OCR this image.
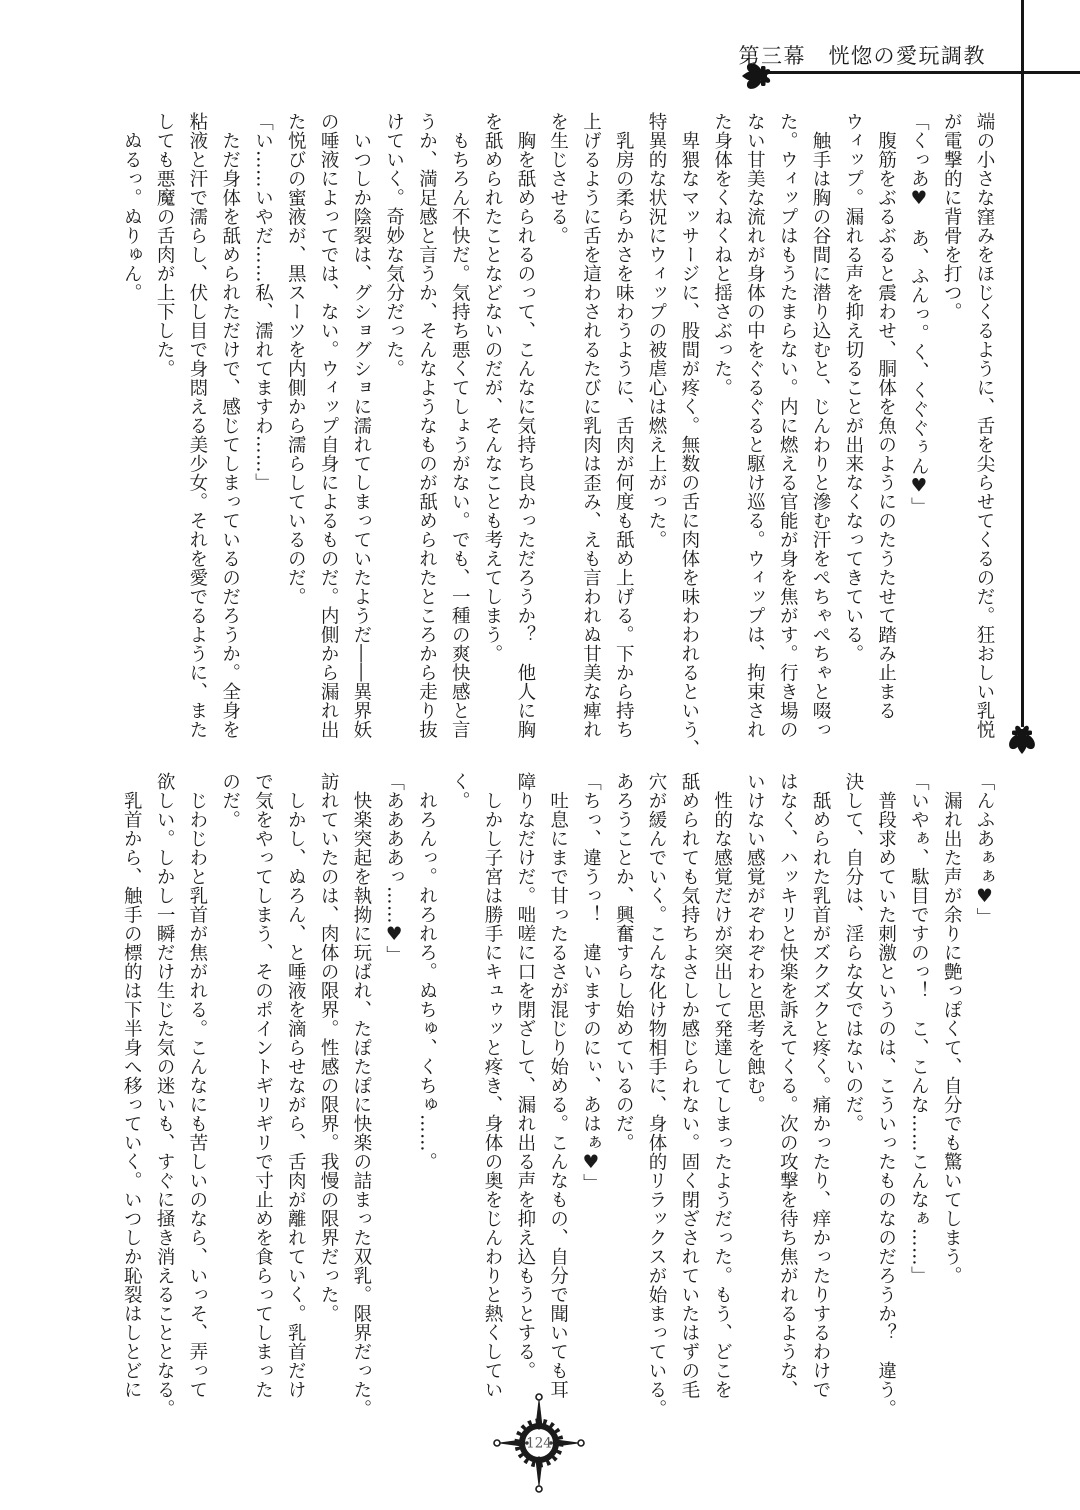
第三幕　恍惚の愛玩調教

端の小さな窪みをほじくるように、舌を尖らせてくるのだ。狂おしい乳悦

が電撃的に背骨を打つ。

「くっあ♥　あ、ふんっ。く、くぐぐぅん♥」

腹筋をぶるぶると震わせ、胴体を魚のようにのたうたせて踏み止まる

ウィップ。漏れる声を抑え切ることが出来なくなってきている。

触手は胸の谷間に潜り込むと、じんわりと滲む汗をぺちゃぺちゃと啜っ

た。ウィップはもうたまらない。内に燃える官能が身を焦がす。行き場の

ない甘美な流れが身体の中をぐるぐると駆け巡る。ウィップは、拘束され

た身体をくねくねと揺さぶった。

卑猥なマッサージに、股間が疼く。無数の舌に肉体を味わわれるという、

特異的な状況にウィップの被虐心は燃え上がった。

乳房の柔らかさを味わうように、舌肉が何度も舐め上げる。下から持ち

上げるように舌を這わされるたびに乳肉は歪み、えも言われぬ甘美な痺れ

を生じさせる。

胸を舐められるのって、こんなに気持ち良かっただろうか？　他人に胸

を舐められたことなどないのだが、そんなことも考えてしまう。

もちろん不快だ。気持ち悪くてしょうがない。でも、一種の爽快感と言

うか、満足感と言うか、そんなようなものが舐められたところから走り抜

けていく。奇妙な気分だった。

いつしか陰裂は、グショグショに濡れてしまっていたようだ――異界妖

の唾液によってでは、ない。ウィップ自身によるものだ。内側から漏れ出

た悦びの蜜液が、黒スーツを内側から濡らしているのだ。

「い……いやだ……私、濡れてますわ……」

ただ身体を舐められただけで、感じてしまっているのだろうか。全身を

粘液と汗で濡らし、伏し目で身悶える美少女。それを愛でるように、また

しても悪魔の舌肉が上下した。

ぬるっ。ぬりゅん。

「んふあぁぁ♥」

漏れ出た声が余りに艶っぽくて、自分でも驚いてしまう。

「いやぁ、駄目ですのっ！　こ、こんな……こんなぁ……」

普段求めていた刺激というのは、こういったものなのだろうか？　違う。

決して、自分は、淫らな女ではないのだ。

舐められた乳首がズクズクと疼く。痛かったり、痒かったりするわけで

はなく、ハッキリと快楽を訴えてくる。次の攻撃を待ち焦がれるような、

いけない感覚がぞわぞわと思考を蝕む。

性的な感覚だけが突出して発達してしまったようだった。もう、どこを

舐められても気持ちよさしか感じられない。固く閉ざされていたはずの毛

穴が緩んでいく。こんな化け物相手に、身体的リラックスが始まっている。

あろうことか、興奮すらし始めているのだ。

「ちっ、違うっ！　違いますのにぃ、あはぁ♥」

吐息にまで甘ったるさが混じり始める。こんなもの、自分で聞いても耳

障りなだけだ。咄嗟に口を閉ざして、漏れ出る声を抑え込もうとする。

しかし子宮は勝手にキュゥッと疼き、身体の奥をじんわりと熱くしてい

く。

れろんっ。れろれろ。ぬちゅ、くちゅ……。

「ああああっ……♥」

快楽突起を執拗に玩ばれ、たぽたぽに快楽の詰まった双乳。限界だった。

訪れていたのは、肉体の限界。性感の限界。我慢の限界だった。

しかし、ぬろん、と唾液を滴らせながら、舌肉が離れていく。乳首だけ

で気をやってしまう、そのポイントギリギリで寸止めを食らってしまった

のだ。

じわじわと乳首が焦がれる。こんなにも苦しいのなら、いっそ、弄って

欲しい。しかし一瞬だけ生じた気の迷いも、すぐに掻き消えることとなる。

乳首から、触手の標的は下半身へ移っていく。いつしか恥裂はしとどに

124
